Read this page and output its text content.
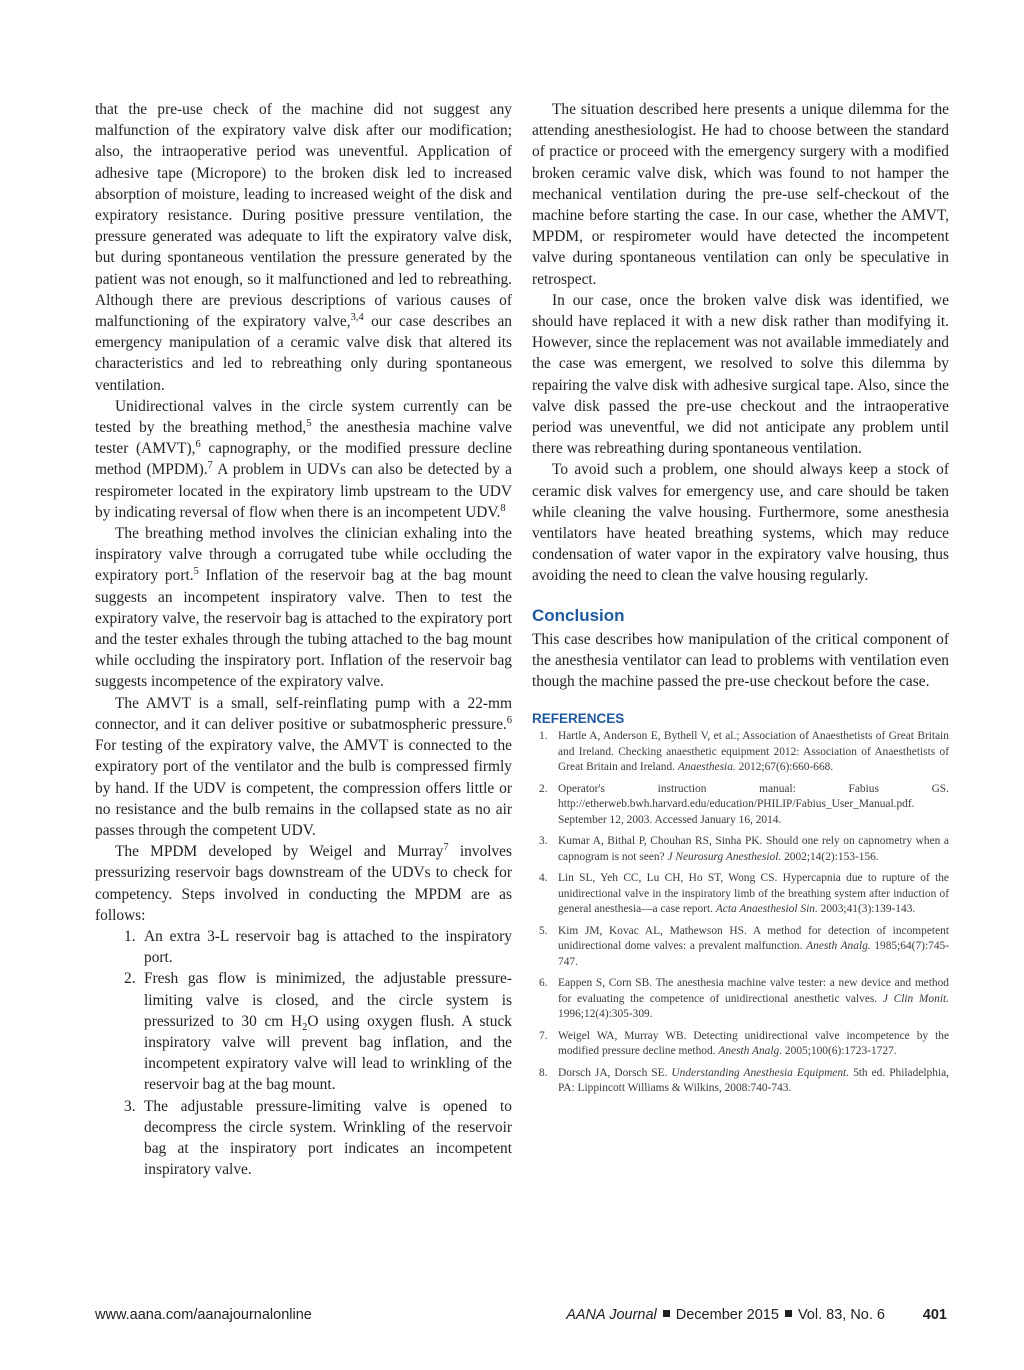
that the pre-use check of the machine did not suggest any malfunction of the expiratory valve disk after our modification; also, the intraoperative period was uneventful. Application of adhesive tape (Micropore) to the broken disk led to increased absorption of moisture, leading to increased weight of the disk and expiratory resistance. During positive pressure ventilation, the pressure generated was adequate to lift the expiratory valve disk, but during spontaneous ventilation the pressure generated by the patient was not enough, so it malfunctioned and led to rebreathing. Although there are previous descriptions of various causes of malfunctioning of the expiratory valve,$^{3,4}$ our case describes an emergency manipulation of a ceramic valve disk that altered its characteristics and led to rebreathing only during spontaneous ventilation.

Unidirectional valves in the circle system currently can be tested by the breathing method,$^5$ the anesthesia machine valve tester (AMVT),$^6$ capnography, or the modified pressure decline method (MPDM).$^7$ A problem in UDVs can also be detected by a respirometer located in the expiratory limb upstream to the UDV by indicating reversal of flow when there is an incompetent UDV.$^8$

The breathing method involves the clinician exhaling into the inspiratory valve through a corrugated tube while occluding the expiratory port.$^5$ Inflation of the reservoir bag at the bag mount suggests an incompetent inspiratory valve. Then to test the expiratory valve, the reservoir bag is attached to the expiratory port and the tester exhales through the tubing attached to the bag mount while occluding the inspiratory port. Inflation of the reservoir bag suggests incompetence of the expiratory valve.

The AMVT is a small, self-reinflating pump with a 22-mm connector, and it can deliver positive or subatmospheric pressure.$^6$ For testing of the expiratory valve, the AMVT is connected to the expiratory port of the ventilator and the bulb is compressed firmly by hand. If the UDV is competent, the compression offers little or no resistance and the bulb remains in the collapsed state as no air passes through the competent UDV.

The MPDM developed by Weigel and Murray$^7$ involves pressurizing reservoir bags downstream of the UDVs to check for competency. Steps involved in conducting the MPDM are as follows:

1. An extra 3-L reservoir bag is attached to the inspiratory port.
2. Fresh gas flow is minimized, the adjustable pressure-limiting valve is closed, and the circle system is pressurized to 30 cm $H_2O$ using oxygen flush. A stuck inspiratory valve will prevent bag inflation, and the incompetent expiratory valve will lead to wrinkling of the reservoir bag at the bag mount.
3. The adjustable pressure-limiting valve is opened to decompress the circle system. Wrinkling of the reservoir bag at the inspiratory port indicates an incompetent inspiratory valve.

The situation described here presents a unique dilemma for the attending anesthesiologist. He had to choose between the standard of practice or proceed with the emergency surgery with a modified broken ceramic valve disk, which was found to not hamper the mechanical ventilation during the pre-use self-checkout of the machine before starting the case. In our case, whether the AMVT, MPDM, or respirometer would have detected the incompetent valve during spontaneous ventilation can only be speculative in retrospect.

In our case, once the broken valve disk was identified, we should have replaced it with a new disk rather than modifying it. However, since the replacement was not available immediately and the case was emergent, we resolved to solve this dilemma by repairing the valve disk with adhesive surgical tape. Also, since the valve disk passed the pre-use checkout and the intraoperative period was uneventful, we did not anticipate any problem until there was rebreathing during spontaneous ventilation.

To avoid such a problem, one should always keep a stock of ceramic disk valves for emergency use, and care should be taken while cleaning the valve housing. Furthermore, some anesthesia ventilators have heated breathing systems, which may reduce condensation of water vapor in the expiratory valve housing, thus avoiding the need to clean the valve housing regularly.

Conclusion

This case describes how manipulation of the critical component of the anesthesia ventilator can lead to problems with ventilation even though the machine passed the pre-use checkout before the case.

REFERENCES
1. Hartle A, Anderson E, Bythell V, et al.; Association of Anaesthetists of Great Britain and Ireland. Checking anaesthetic equipment 2012: Association of Anaesthetists of Great Britain and Ireland. Anaesthesia. 2012;67(6):660-668.
2. Operator's instruction manual: Fabius GS. http://etherweb.bwh.harvard.edu/education/PHILIP/Fabius_User_Manual.pdf. September 12, 2003. Accessed January 16, 2014.
3. Kumar A, Bithal P, Chouhan RS, Sinha PK. Should one rely on capnometry when a capnogram is not seen? J Neurosurg Anesthesiol. 2002;14(2):153-156.
4. Lin SL, Yeh CC, Lu CH, Ho ST, Wong CS. Hypercapnia due to rupture of the unidirectional valve in the inspiratory limb of the breathing system after induction of general anesthesia—a case report. Acta Anaesthesiol Sin. 2003;41(3):139-143.
5. Kim JM, Kovac AL, Mathewson HS. A method for detection of incompetent unidirectional dome valves: a prevalent malfunction. Anesth Analg. 1985;64(7):745-747.
6. Eappen S, Corn SB. The anesthesia machine valve tester: a new device and method for evaluating the competence of unidirectional anesthetic valves. J Clin Monit. 1996;12(4):305-309.
7. Weigel WA, Murray WB. Detecting unidirectional valve incompetence by the modified pressure decline method. Anesth Analg. 2005;100(6):1723-1727.
8. Dorsch JA, Dorsch SE. Understanding Anesthesia Equipment. 5th ed. Philadelphia, PA: Lippincott Williams & Wilkins, 2008:740-743.
www.aana.com/aanajournalonline	AANA Journal December 2015 Vol. 83, No. 6	401
